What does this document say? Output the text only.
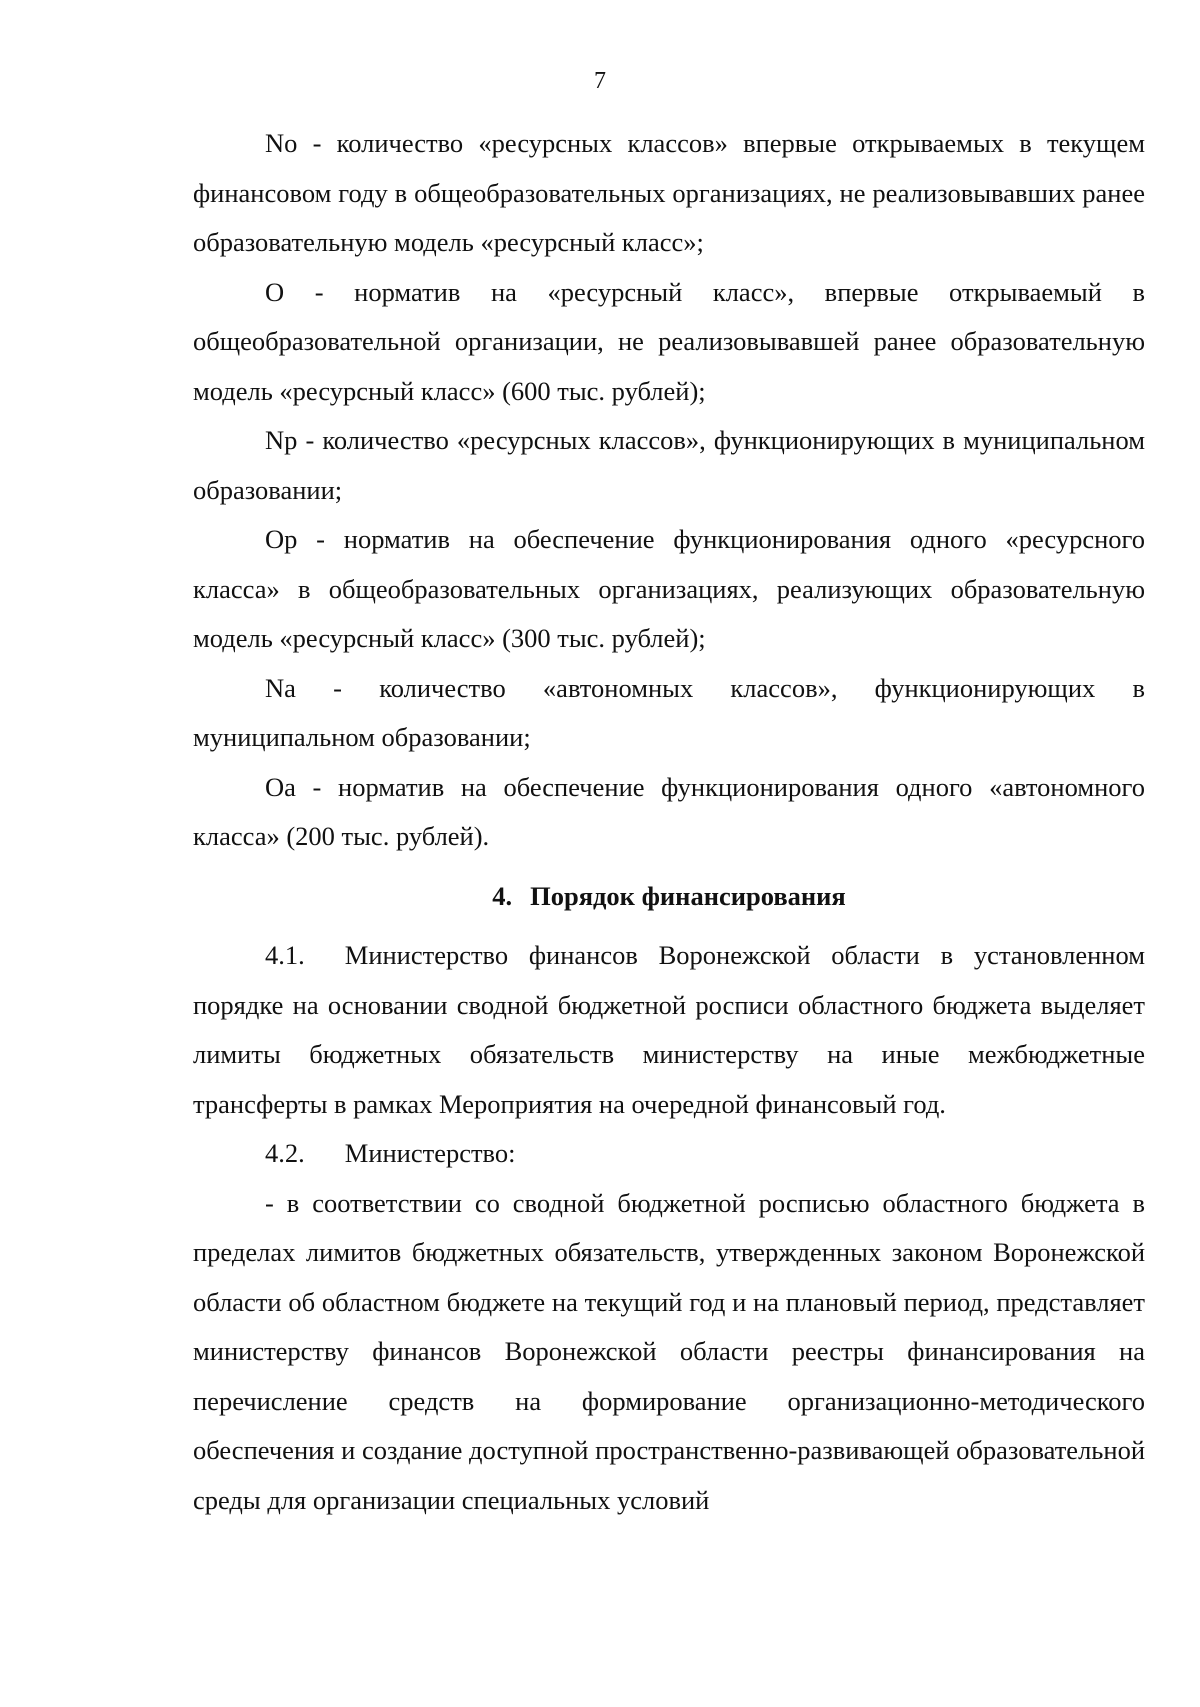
7

No - количество «ресурсных классов» впервые открываемых в текущем финансовом году в общеобразовательных организациях, не реализовывавших ранее образовательную модель «ресурсный класс»;

O - норматив на «ресурсный класс», впервые открываемый в общеобразовательной организации, не реализовывавшей ранее образовательную модель «ресурсный класс» (600 тыс. рублей);

Np - количество «ресурсных классов», функционирующих в муниципальном образовании;

Op - норматив на обеспечение функционирования одного «ресурсного класса» в общеобразовательных организациях, реализующих образовательную модель «ресурсный класс» (300 тыс. рублей);

Na - количество «автономных классов», функционирующих в муниципальном образовании;

Oa - норматив на обеспечение функционирования одного «автономного класса» (200 тыс. рублей).

4. Порядок финансирования

4.1. Министерство финансов Воронежской области в установленном порядке на основании сводной бюджетной росписи областного бюджета выделяет лимиты бюджетных обязательств министерству на иные межбюджетные трансферты в рамках Мероприятия на очередной финансовый год.

4.2. Министерство:

- в соответствии со сводной бюджетной росписью областного бюджета в пределах лимитов бюджетных обязательств, утвержденных законом Воронежской области об областном бюджете на текущий год и на плановый период, представляет министерству финансов Воронежской области реестры финансирования на перечисление средств на формирование организационно-методического обеспечения и создание доступной пространственно-развивающей образовательной среды для организации специальных условий
